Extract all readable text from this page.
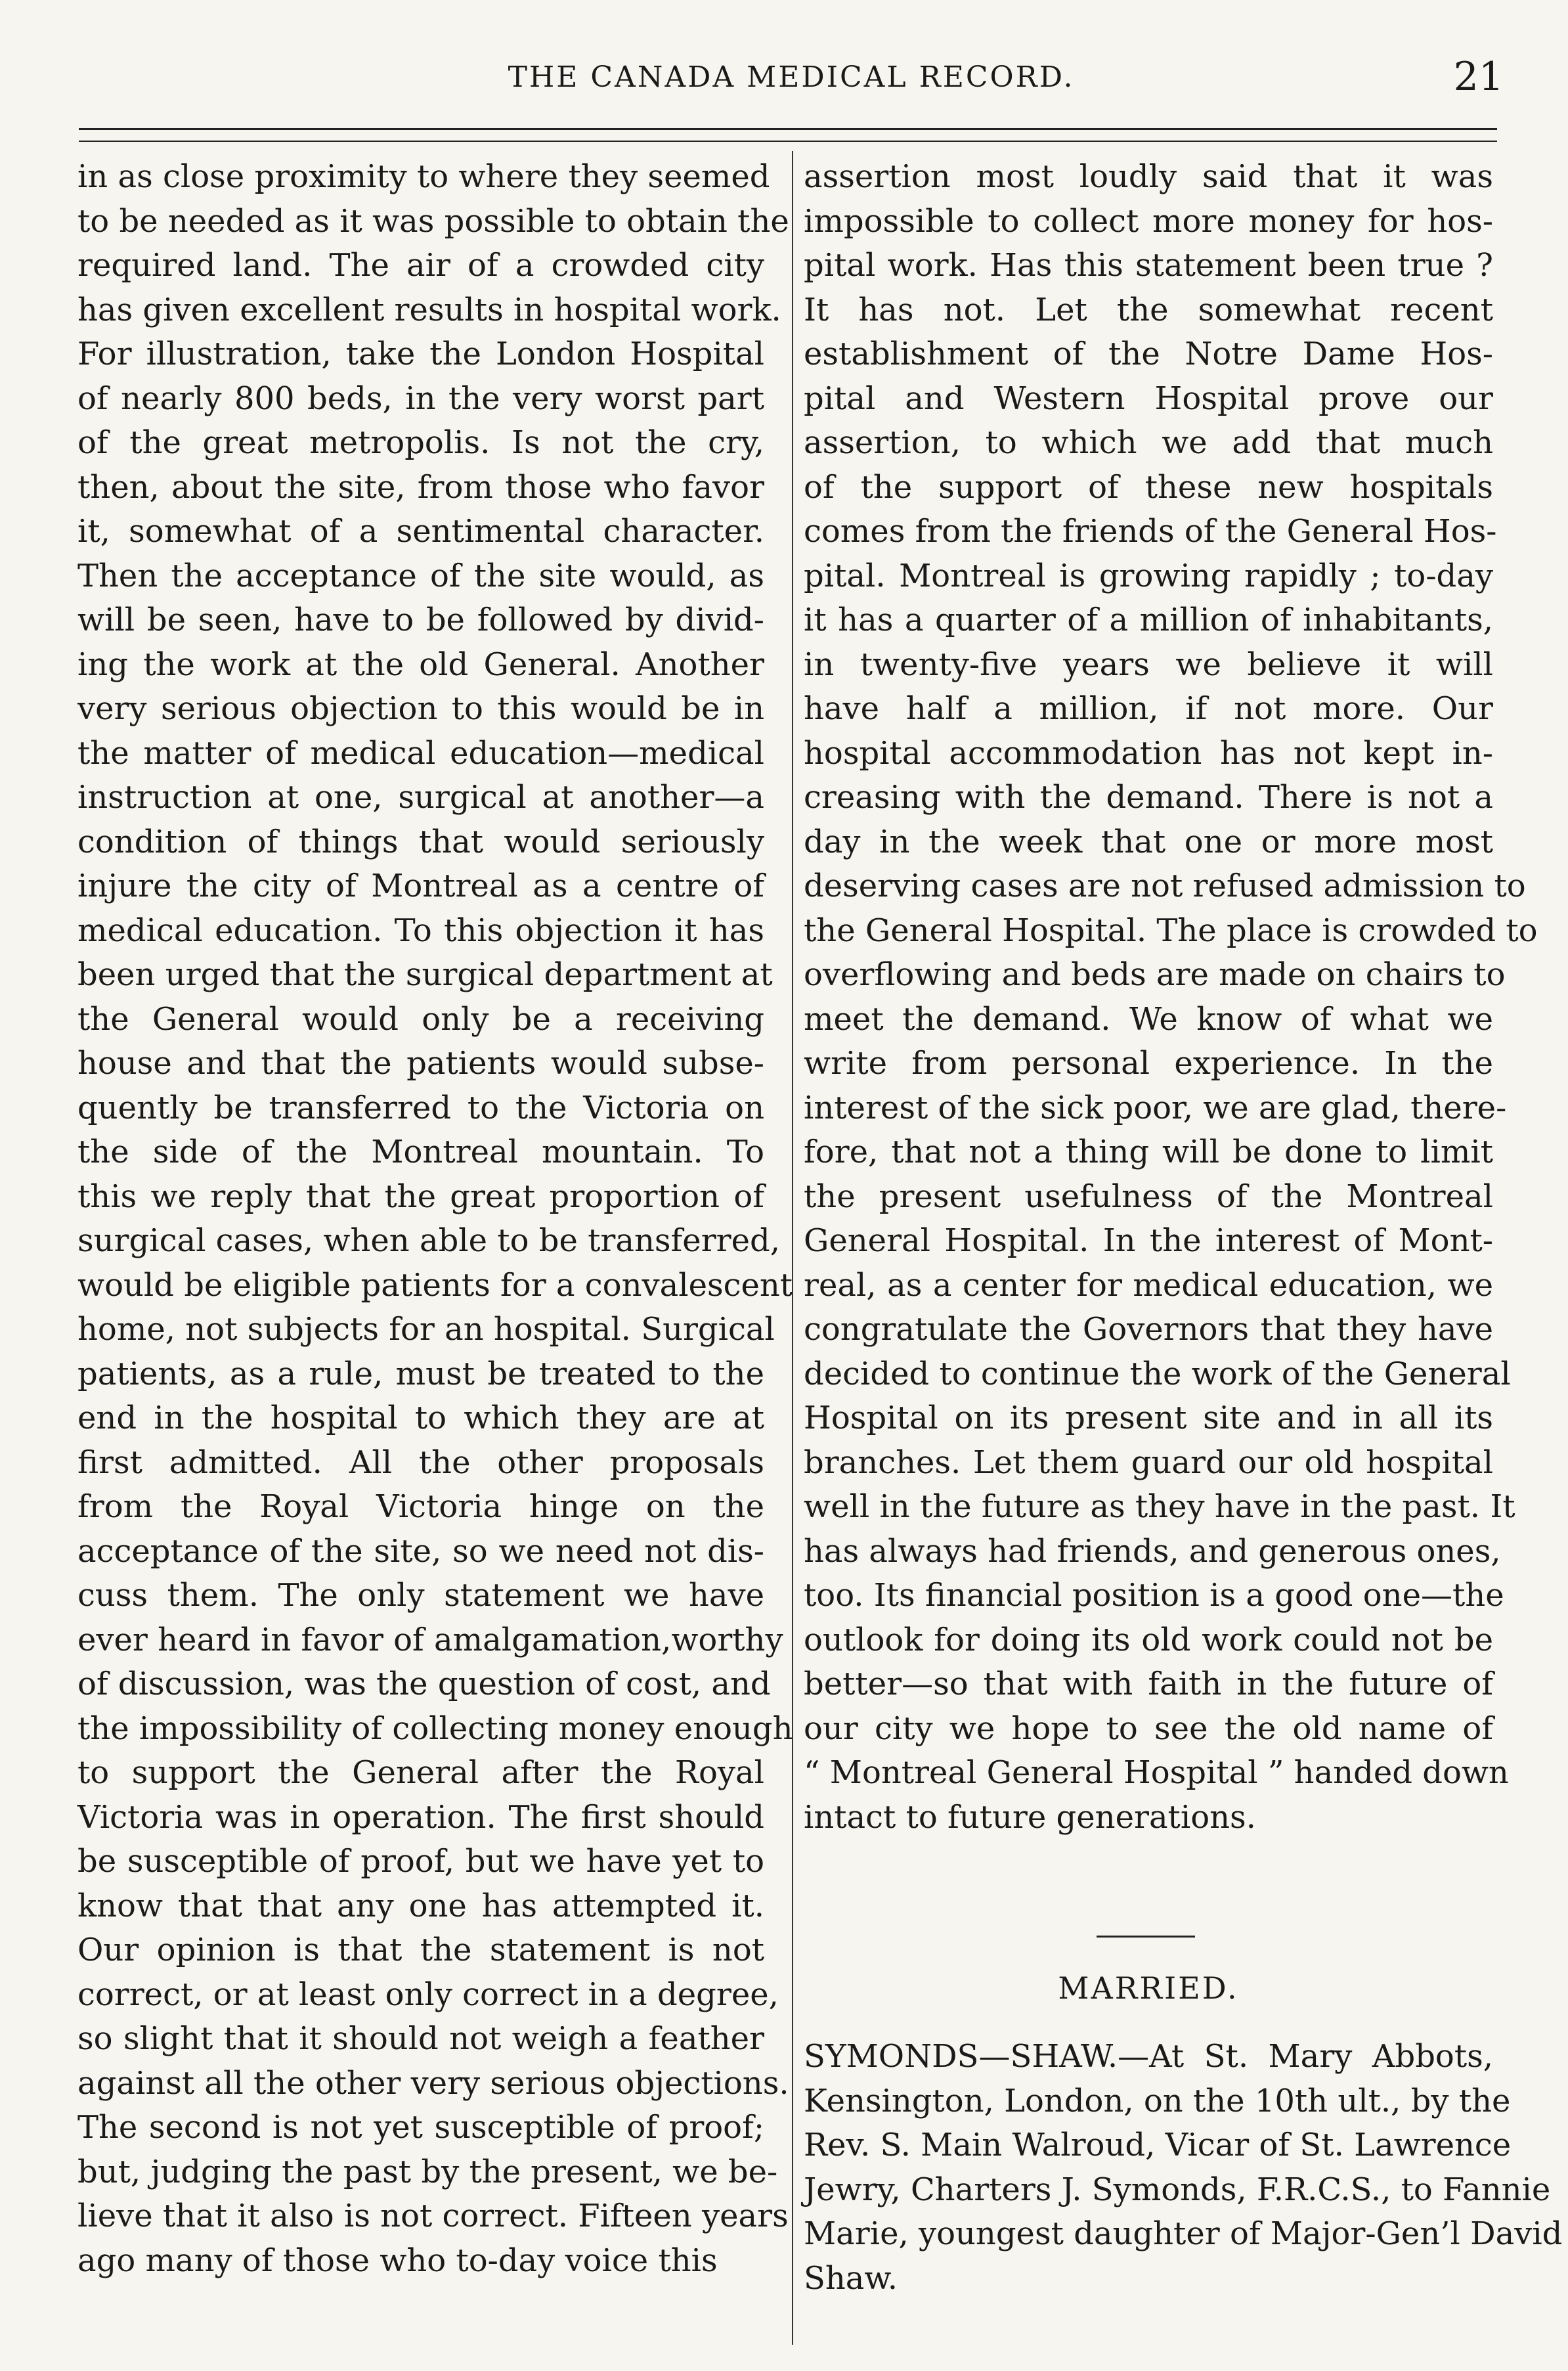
THE CANADA MEDICAL RECORD.	21
in as close proximity to where they seemed
to be needed as it was possible to obtain the
required land. The air of a crowded city
has given excellent results in hospital work.
For illustration, take the London Hospital
of nearly 800 beds, in the very worst part
of the great metropolis. Is not the cry,
then, about the site, from those who favor
it, somewhat of a sentimental character.
Then the acceptance of the site would, as
will be seen, have to be followed by divid-
ing the work at the old General. Another
very serious objection to this would be in
the matter of medical education—medical
instruction at one, surgical at another—a
condition of things that would seriously
injure the city of Montreal as a centre of
medical education. To this objection it has
been urged that the surgical department at
the General would only be a receiving
house and that the patients would subse-
quently be transferred to the Victoria on
the side of the Montreal mountain. To
this we reply that the great proportion of
surgical cases, when able to be transferred,
would be eligible patients for a convalescent
home, not subjects for an hospital. Surgical
patients, as a rule, must be treated to the
end in the hospital to which they are at
first admitted. All the other proposals
from the Royal Victoria hinge on the
acceptance of the site, so we need not dis-
cuss them. The only statement we have
ever heard in favor of amalgamation,worthy
of discussion, was the question of cost, and
the impossibility of collecting money enough
to support the General after the Royal
Victoria was in operation. The first should
be susceptible of proof, but we have yet to
know that that any one has attempted it.
Our opinion is that the statement is not
correct, or at least only correct in a degree,
so slight that it should not weigh a feather
against all the other very serious objections.
The second is not yet susceptible of proof;
but, judging the past by the present, we be-
lieve that it also is not correct. Fifteen years
ago many of those who to-day voice this
assertion most loudly said that it was
impossible to collect more money for hos-
pital work. Has this statement been true ?
It has not. Let the somewhat recent
establishment of the Notre Dame Hos-
pital and Western Hospital prove our
assertion, to which we add that much
of the support of these new hospitals
comes from the friends of the General Hos-
pital. Montreal is growing rapidly ; to-day
it has a quarter of a million of inhabitants,
in twenty-five years we believe it will
have half a million, if not more. Our
hospital accommodation has not kept in-
creasing with the demand. There is not a
day in the week that one or more most
deserving cases are not refused admission to
the General Hospital. The place is crowded to
overflowing and beds are made on chairs to
meet the demand. We know of what we
write from personal experience. In the
interest of the sick poor, we are glad, there-
fore, that not a thing will be done to limit
the present usefulness of the Montreal
General Hospital. In the interest of Mont-
real, as a center for medical education, we
congratulate the Governors that they have
decided to continue the work of the General
Hospital on its present site and in all its
branches. Let them guard our old hospital
well in the future as they have in the past. It
has always had friends, and generous ones,
too. Its financial position is a good one—the
outlook for doing its old work could not be
better—so that with faith in the future of
our city we hope to see the old name of
“ Montreal General Hospital ” handed down
intact to future generations.
MARRIED.
SYMONDS—SHAW.—At St. Mary Abbots,
Kensington, London, on the 10th ult., by the
Rev. S. Main Walroud, Vicar of St. Lawrence
Jewry, Charters J. Symonds, F.R.C.S., to Fannie
Marie, youngest daughter of Major-Gen’l David
Shaw.
